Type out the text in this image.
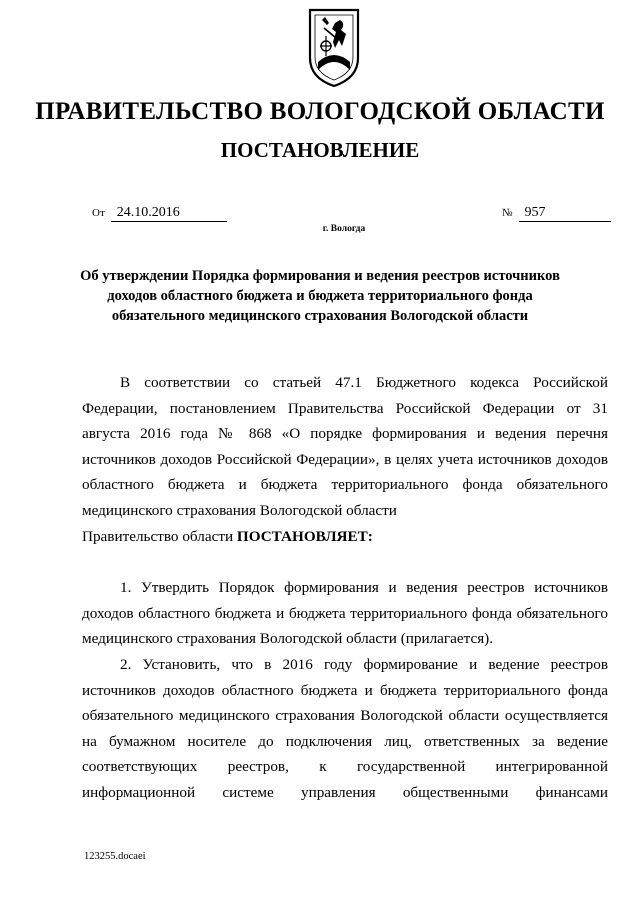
ПРАВИТЕЛЬСТВО ВОЛОГОДСКОЙ ОБЛАСТИ
ПОСТАНОВЛЕНИЕ
От 24.10.2016	№ 957
г. Вологда
Об утверждении Порядка формирования и ведения реестров источников доходов областного бюджета и бюджета территориального фонда обязательного медицинского страхования Вологодской области

В соответствии со статьей 47.1 Бюджетного кодекса Российской Федерации, постановлением Правительства Российской Федерации от 31 августа 2016 года № 868 «О порядке формирования и ведения перечня источников доходов Российской Федерации», в целях учета источников доходов областного бюджета и бюджета территориального фонда обязательного медицинского страхования Вологодской области

Правительство области ПОСТАНОВЛЯЕТ:

1. Утвердить Порядок формирования и ведения реестров источников доходов областного бюджета и бюджета территориального фонда обязательного медицинского страхования Вологодской области (прилагается).

2. Установить, что в 2016 году формирование и ведение реестров источников доходов областного бюджета и бюджета территориального фонда обязательного медицинского страхования Вологодской области осуществляется на бумажном носителе до подключения лиц, ответственных за ведение соответствующих реестров, к государственной интегрированной информационной системе управления общественными финансами

123255.docaei
